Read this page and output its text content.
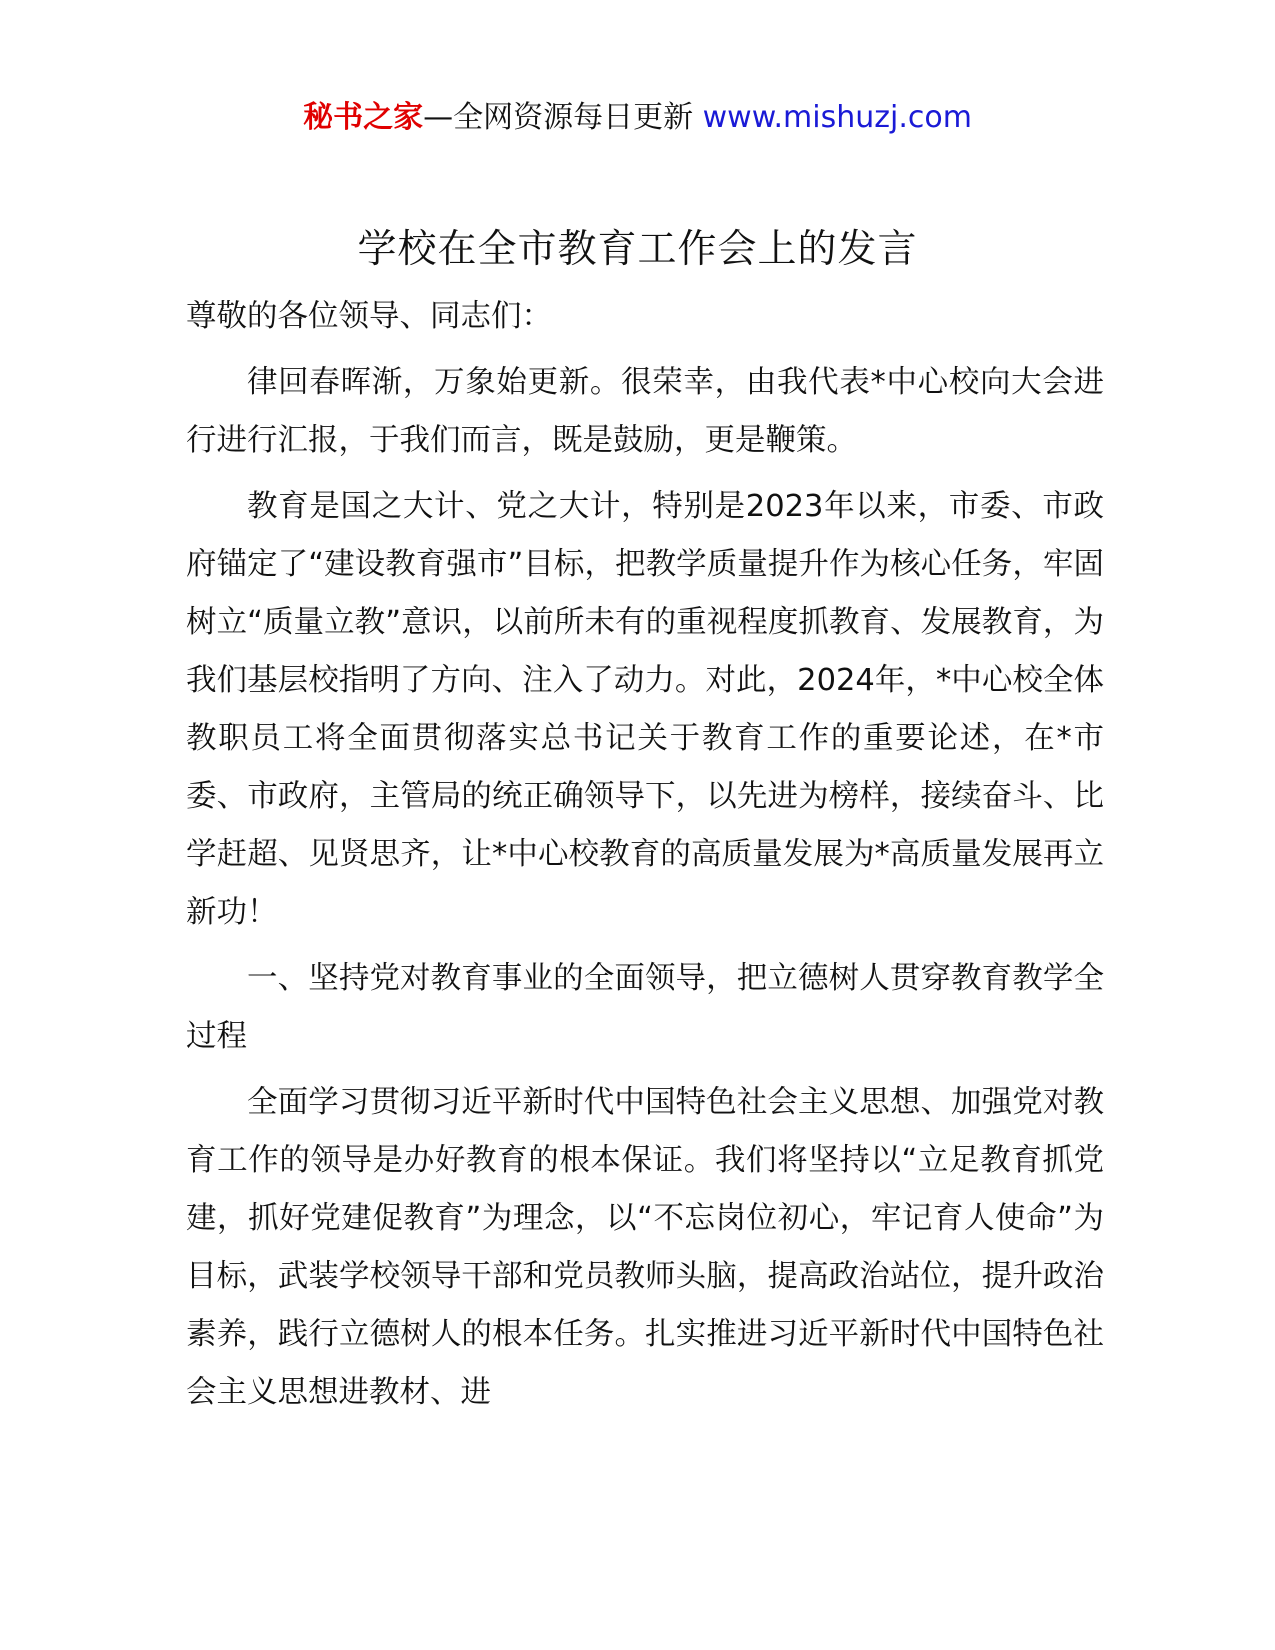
秘书之家—全网资源每日更新 www.mishuzj.com
学校在全市教育工作会上的发言

尊敬的各位领导、同志们：

律回春晖渐，万象始更新。很荣幸，由我代表*中心校向大会进行进行汇报，于我们而言，既是鼓励，更是鞭策。

教育是国之大计、党之大计，特别是2023年以来，市委、市政府锚定了“建设教育强市”目标，把教学质量提升作为核心任务，牢固树立“质量立教”意识，以前所未有的重视程度抓教育、发展教育，为我们基层校指明了方向、注入了动力。对此，2024年，*中心校全体教职员工将全面贯彻落实总书记关于教育工作的重要论述，在*市委、市政府，主管局的统正确领导下，以先进为榜样，接续奋斗、比学赶超、见贤思齐，让*中心校教育的高质量发展为*高质量发展再立新功！

一、坚持党对教育事业的全面领导，把立德树人贯穿教育教学全过程

全面学习贯彻习近平新时代中国特色社会主义思想、加强党对教育工作的领导是办好教育的根本保证。我们将坚持以“立足教育抓党建，抓好党建促教育”为理念，以“不忘岗位初心，牢记育人使命”为目标，武装学校领导干部和党员教师头脑，提高政治站位，提升政治素养，践行立德树人的根本任务。扎实推进习近平新时代中国特色社会主义思想进教材、进
